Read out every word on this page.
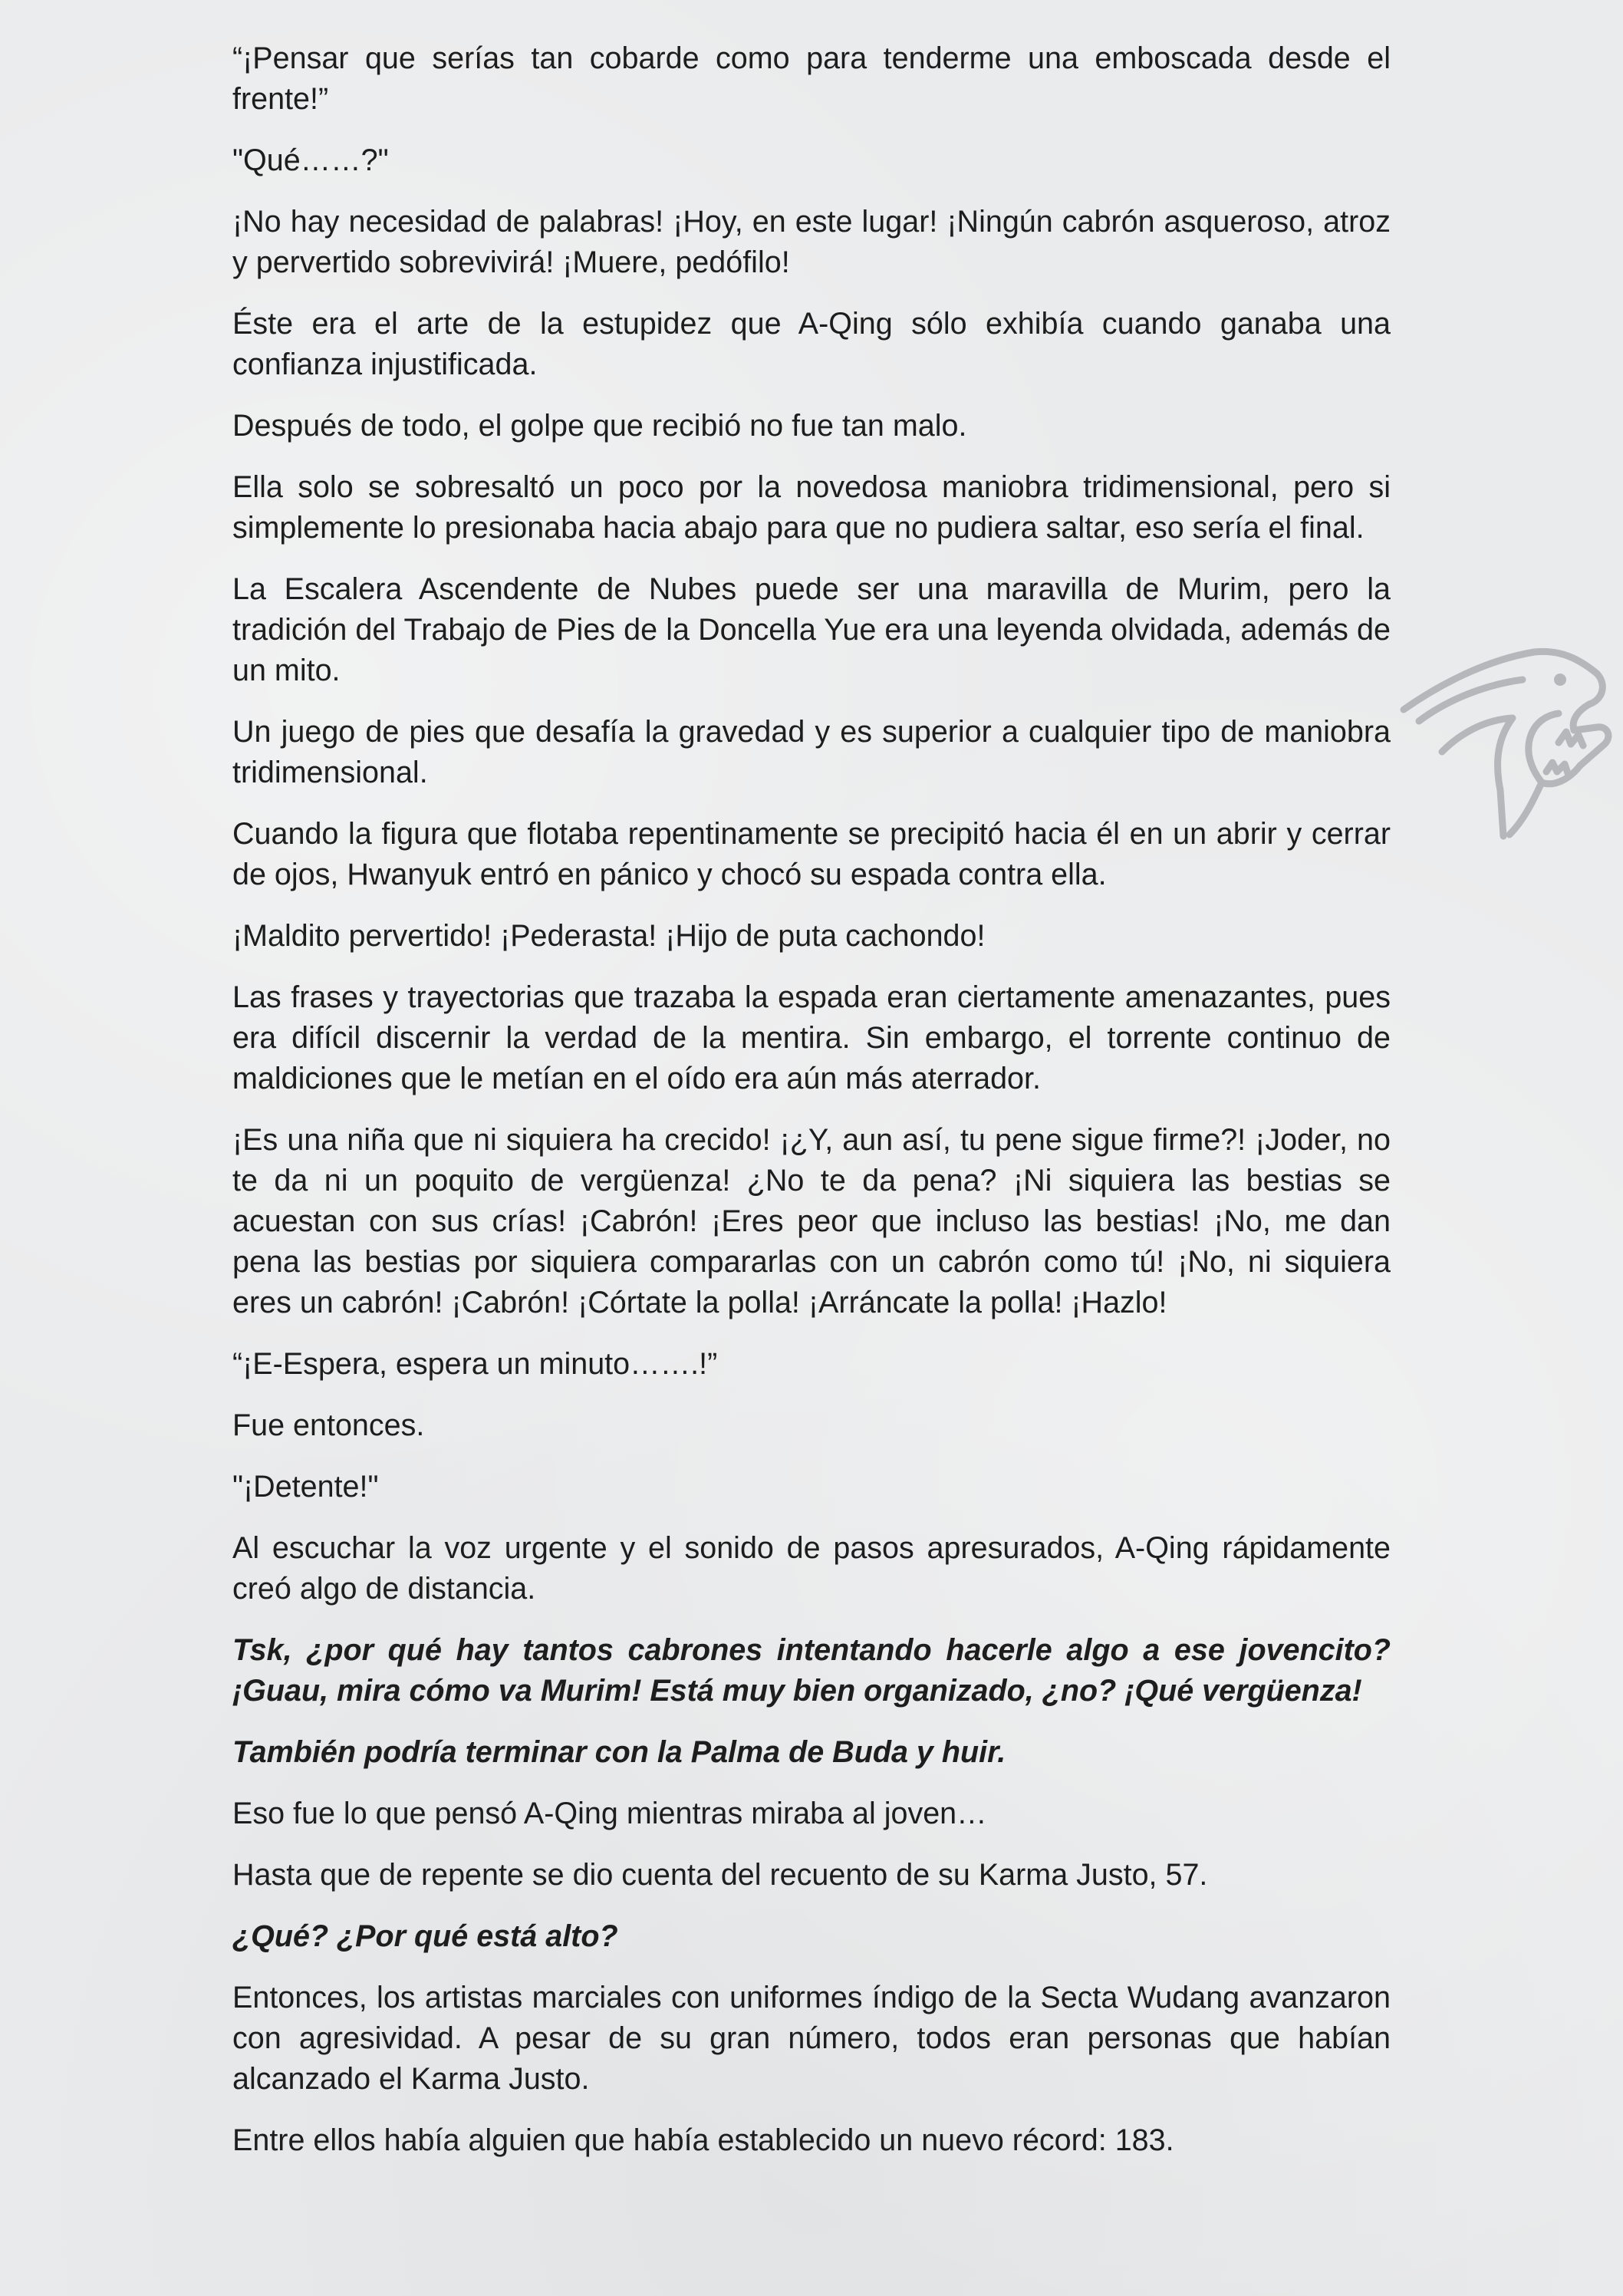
“¡Pensar que serías tan cobarde como para tenderme una emboscada desde el frente!”

"Qué……?"

¡No hay necesidad de palabras! ¡Hoy, en este lugar! ¡Ningún cabrón asqueroso, atroz y pervertido sobrevivirá! ¡Muere, pedófilo!

Éste era el arte de la estupidez que A-Qing sólo exhibía cuando ganaba una confianza injustificada.

Después de todo, el golpe que recibió no fue tan malo.

Ella solo se sobresaltó un poco por la novedosa maniobra tridimensional, pero si simplemente lo presionaba hacia abajo para que no pudiera saltar, eso sería el final.

La Escalera Ascendente de Nubes puede ser una maravilla de Murim, pero la tradición del Trabajo de Pies de la Doncella Yue era una leyenda olvidada, además de un mito.

Un juego de pies que desafía la gravedad y es superior a cualquier tipo de maniobra tridimensional.

Cuando la figura que flotaba repentinamente se precipitó hacia él en un abrir y cerrar de ojos, Hwanyuk entró en pánico y chocó su espada contra ella.

¡Maldito pervertido! ¡Pederasta! ¡Hijo de puta cachondo!

Las frases y trayectorias que trazaba la espada eran ciertamente amenazantes, pues era difícil discernir la verdad de la mentira. Sin embargo, el torrente continuo de maldiciones que le metían en el oído era aún más aterrador.

¡Es una niña que ni siquiera ha crecido! ¡¿Y, aun así, tu pene sigue firme?! ¡Joder, no te da ni un poquito de vergüenza! ¿No te da pena? ¡Ni siquiera las bestias se acuestan con sus crías! ¡Cabrón! ¡Eres peor que incluso las bestias! ¡No, me dan pena las bestias por siquiera compararlas con un cabrón como tú! ¡No, ni siquiera eres un cabrón! ¡Cabrón! ¡Córtate la polla! ¡Arráncate la polla! ¡Hazlo!

“¡E-Espera, espera un minuto…….!”

Fue entonces.

"¡Detente!"

Al escuchar la voz urgente y el sonido de pasos apresurados, A-Qing rápidamente creó algo de distancia.

Tsk, ¿por qué hay tantos cabrones intentando hacerle algo a ese jovencito? ¡Guau, mira cómo va Murim! Está muy bien organizado, ¿no? ¡Qué vergüenza!

También podría terminar con la Palma de Buda y huir.

Eso fue lo que pensó A-Qing mientras miraba al joven…

Hasta que de repente se dio cuenta del recuento de su Karma Justo, 57.

¿Qué? ¿Por qué está alto?

Entonces, los artistas marciales con uniformes índigo de la Secta Wudang avanzaron con agresividad. A pesar de su gran número, todos eran personas que habían alcanzado el Karma Justo.

Entre ellos había alguien que había establecido un nuevo récord: 183.
